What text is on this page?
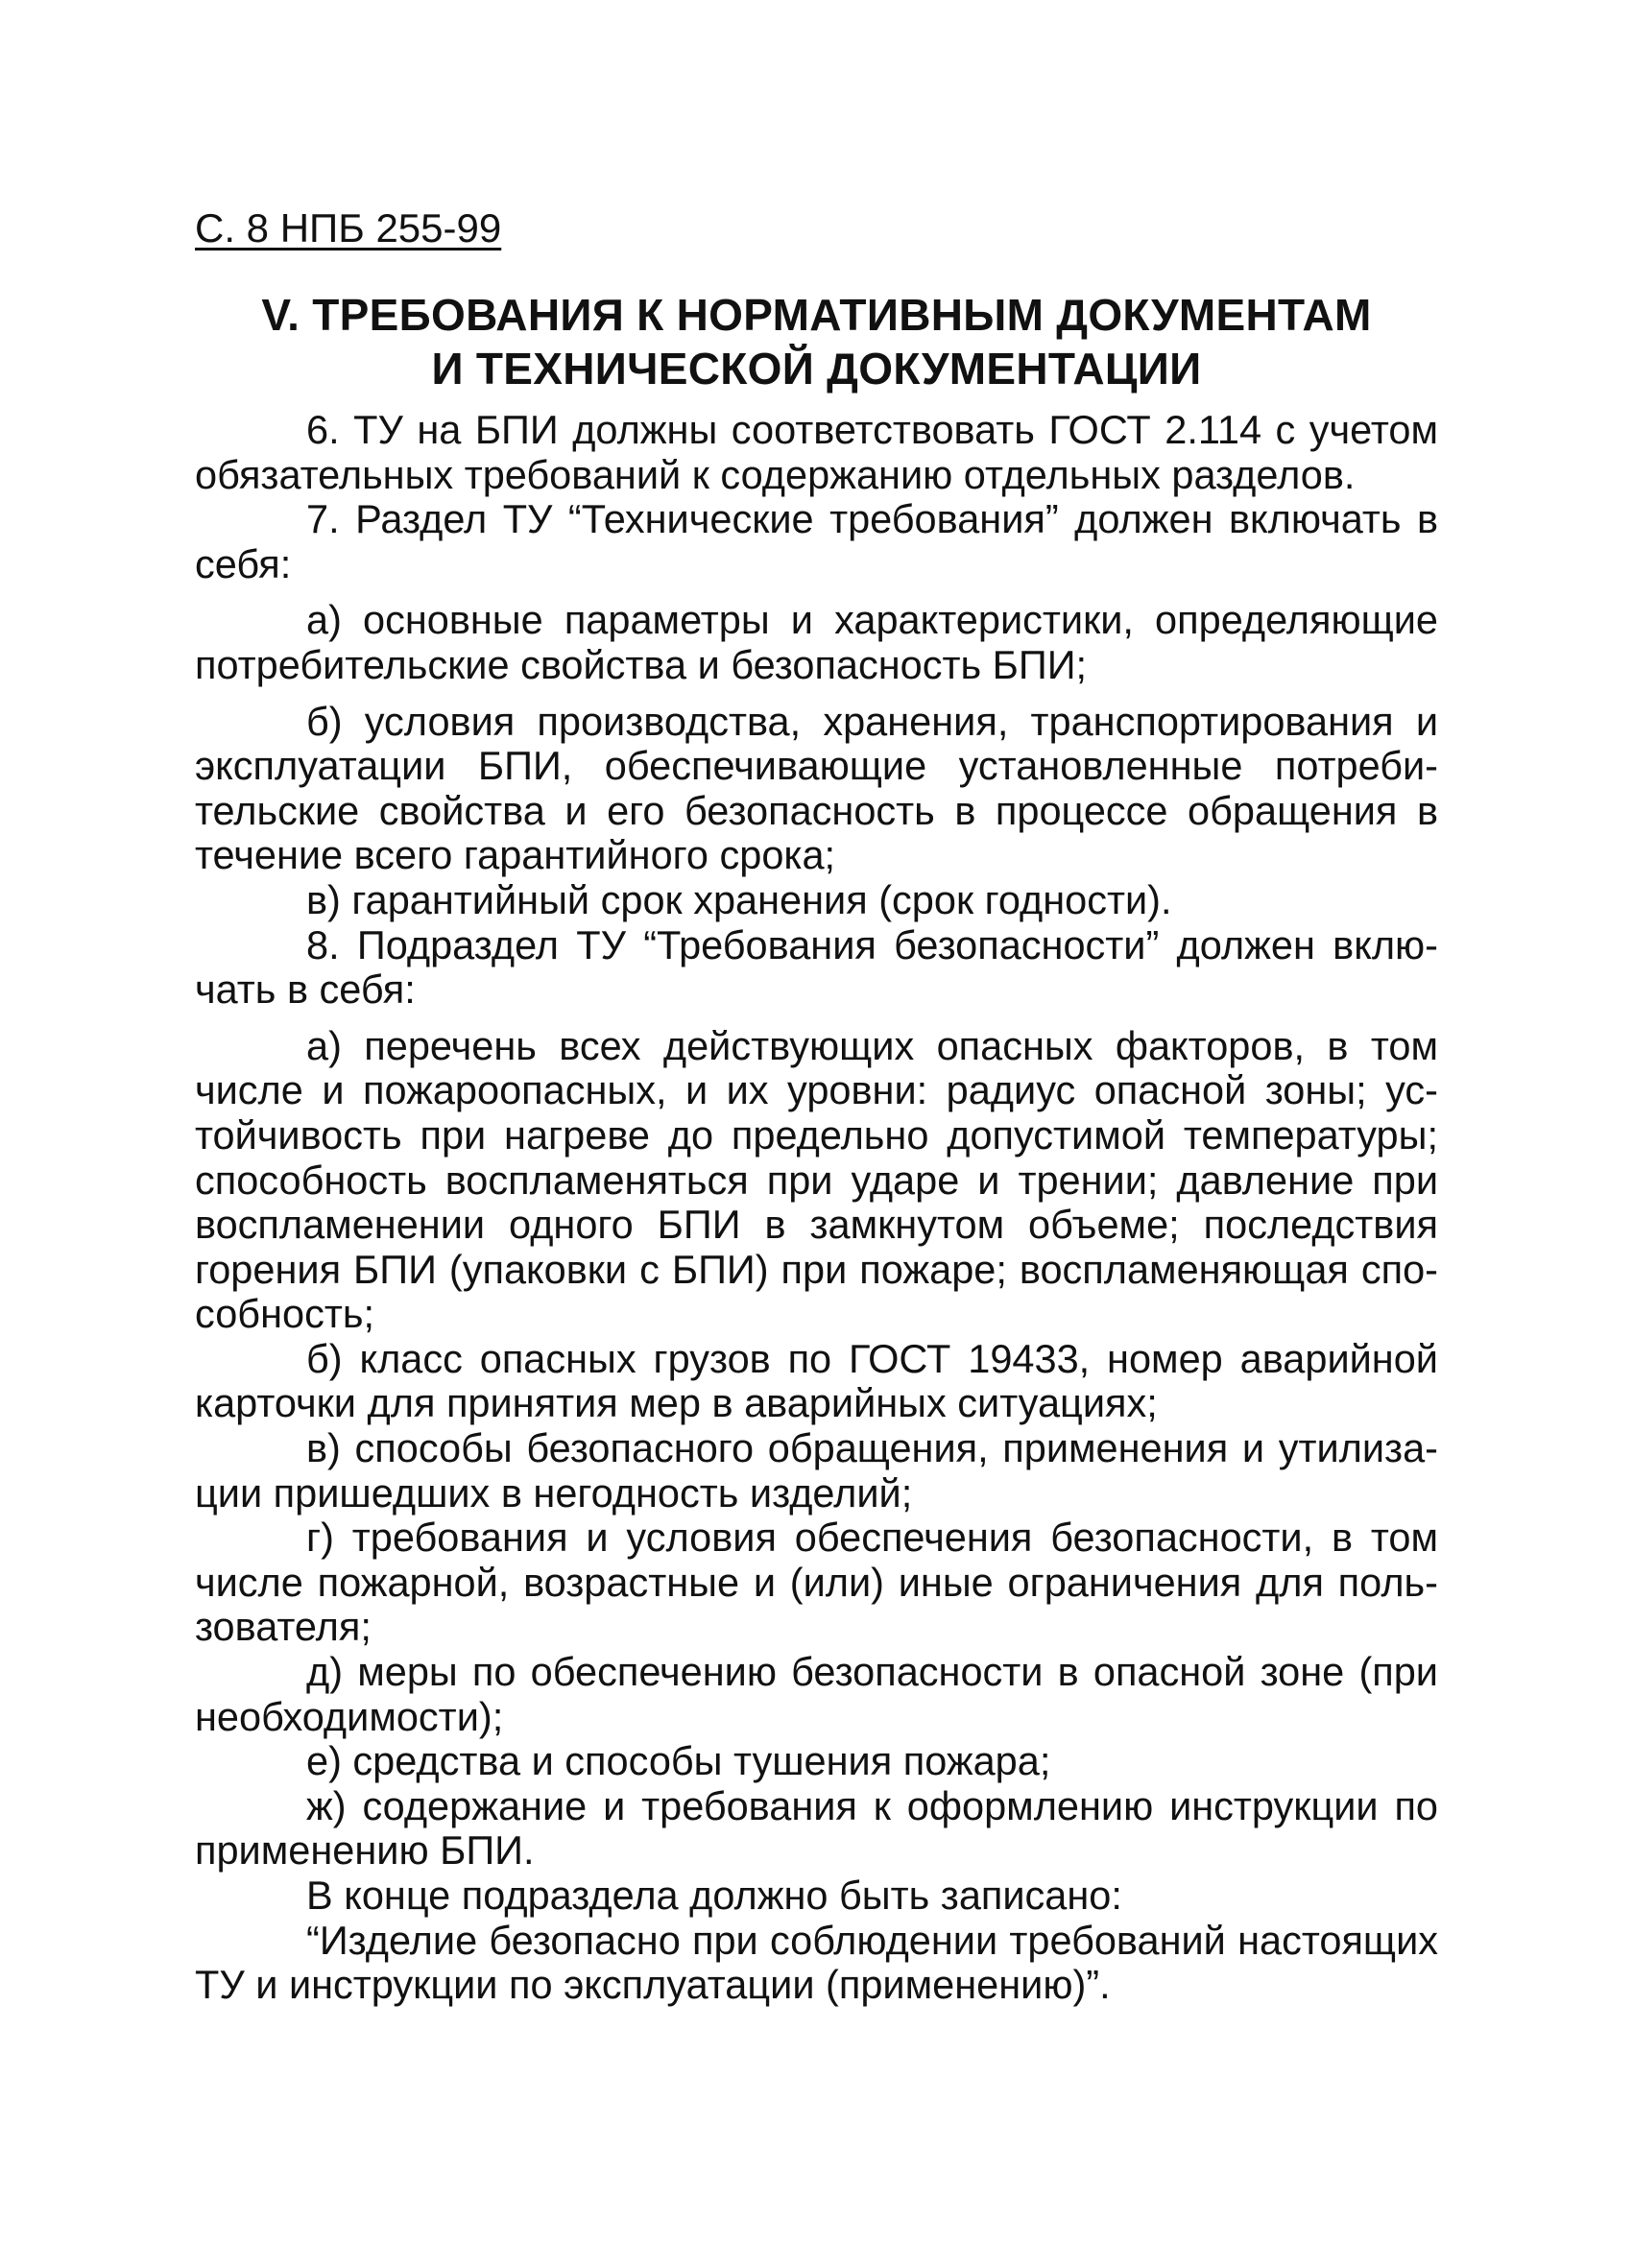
С. 8 НПБ 255-99
V. ТРЕБОВАНИЯ К НОРМАТИВНЫМ ДОКУМЕНТАМ
И ТЕХНИЧЕСКОЙ ДОКУМЕНТАЦИИ

6. ТУ на БПИ должны соответствовать ГОСТ 2.114 с учетом обязательных требований к содержанию отдельных разделов.

7. Раздел ТУ “Технические требования” должен включать в себя:

а) основные параметры и характеристики, определяющие потребительские свойства и безопасность БПИ;

б) условия производства, хранения, транспортирования и эксплуатации БПИ, обеспечивающие установленные потребительские свойства и его безопасность в процессе обращения в течение всего гарантийного срока;

в) гарантийный срок хранения (срок годности).

8. Подраздел ТУ “Требования безопасности” должен включать в себя:

а) перечень всех действующих опасных факторов, в том числе и пожароопасных, и их уровни: радиус опасной зоны; устойчивость при нагреве до предельно допустимой температуры; способность воспламеняться при ударе и трении; давление при воспламенении одного БПИ в замкнутом объеме; последствия горения БПИ (упаковки с БПИ) при пожаре; воспламеняющая способность;

б) класс опасных грузов по ГОСТ 19433, номер аварийной карточки для принятия мер в аварийных ситуациях;

в) способы безопасного обращения, применения и утилизации пришедших в негодность изделий;

г) требования и условия обеспечения безопасности, в том числе пожарной, возрастные и (или) иные ограничения для пользователя;

д) меры по обеспечению безопасности в опасной зоне (при необходимости);

е) средства и способы тушения пожара;

ж) содержание и требования к оформлению инструкции по применению БПИ.

В конце подраздела должно быть записано:

“Изделие безопасно при соблюдении требований настоящих ТУ и инструкции по эксплуатации (применению)”.
